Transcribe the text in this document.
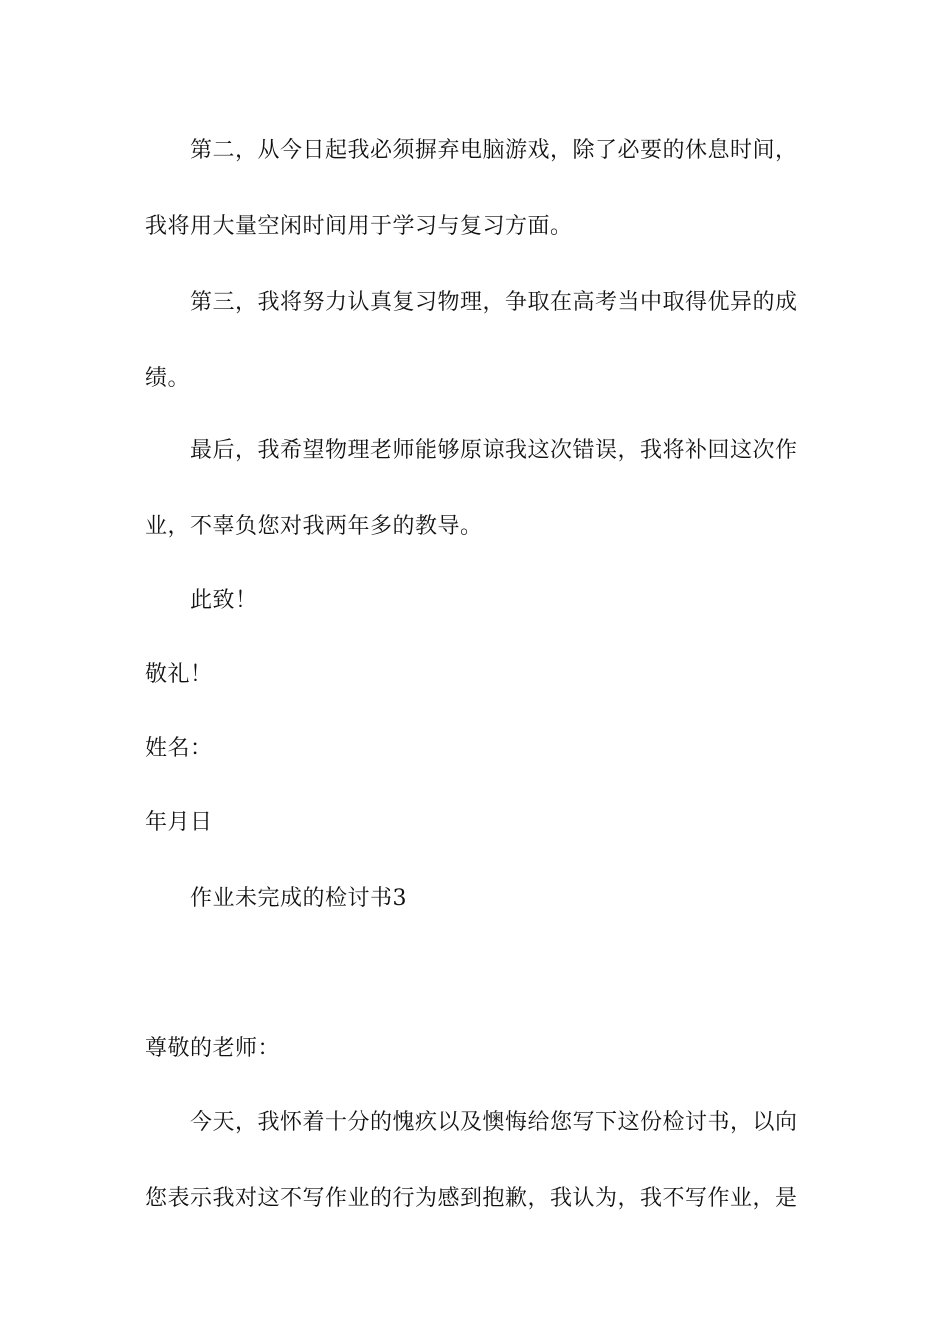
第二，从今日起我必须摒弃电脑游戏，除了必要的休息时间，
我将用大量空闲时间用于学习与复习方面。
第三，我将努力认真复习物理，争取在高考当中取得优异的成
绩。
最后，我希望物理老师能够原谅我这次错误，我将补回这次作
业，不辜负您对我两年多的教导。
此致！
敬礼！
姓名：
年月日
作业未完成的检讨书3
尊敬的老师：
今天，我怀着十分的愧疚以及懊悔给您写下这份检讨书，以向
您表示我对这不写作业的行为感到抱歉，我认为，我不写作业，是
